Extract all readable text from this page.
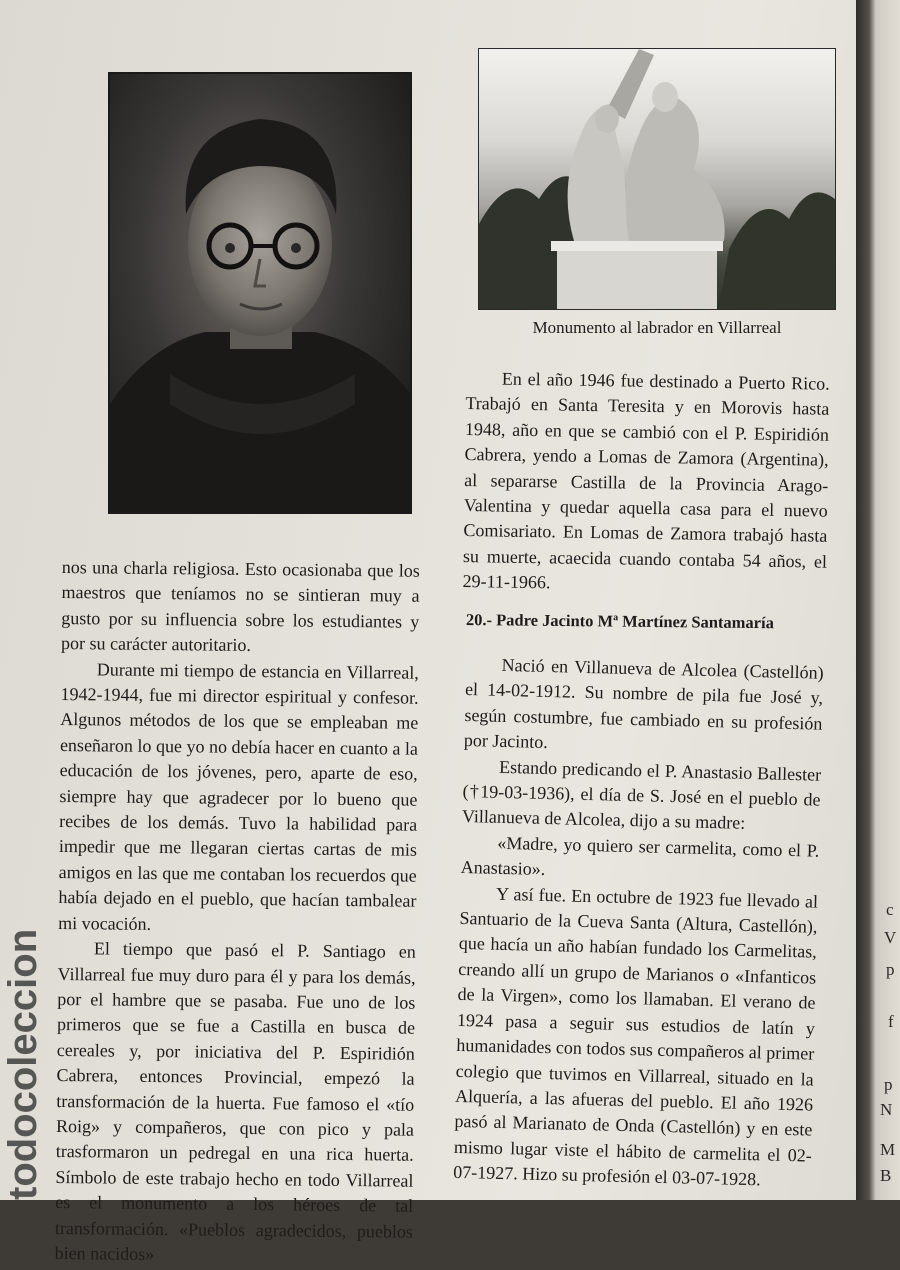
Monumento al labrador en Villarreal

En el año 1946 fue destinado a Puerto Rico. Trabajó en Santa Teresita y en Morovis hasta 1948, año en que se cambió con el P. Espiridión Cabrera, yendo a Lomas de Zamora (Argentina), al separarse Castilla de la Provincia Arago-Valentina y quedar aquella casa para el nuevo Comisariato. En Lomas de Zamora trabajó hasta su muerte, acaecida cuando contaba 54 años, el 29-11-1966.

20.- Padre Jacinto Mª Martínez Santamaría

Nació en Villanueva de Alcolea (Castellón) el 14-02-1912. Su nombre de pila fue José y, según costumbre, fue cambiado en su profesión por Jacinto.

Estando predicando el P. Anastasio Ballester (†19-03-1936), el día de S. José en el pueblo de Villanueva de Alcolea, dijo a su madre:

«Madre, yo quiero ser carmelita, como el P. Anastasio».

Y así fue. En octubre de 1923 fue llevado al Santuario de la Cueva Santa (Altura, Castellón), que hacía un año habían fundado los Carmelitas, creando allí un grupo de Marianos o «Infanticos de la Virgen», como los llamaban. El verano de 1924 pasa a seguir sus estudios de latín y humanidades con todos sus compañeros al primer colegio que tuvimos en Villarreal, situado en la Alquería, a las afueras del pueblo. El año 1926 pasó al Marianato de Onda (Castellón) y en este mismo lugar viste el hábito de carmelita el 02-07-1927. Hizo su profesión el 03-07-1928.

nos una charla religiosa. Esto ocasionaba que los maestros que teníamos no se sintieran muy a gusto por su influencia sobre los estudiantes y por su carácter autoritario.

Durante mi tiempo de estancia en Villarreal, 1942-1944, fue mi director espiritual y confesor. Algunos métodos de los que se empleaban me enseñaron lo que yo no debía hacer en cuanto a la educación de los jóvenes, pero, aparte de eso, siempre hay que agradecer por lo bueno que recibes de los demás. Tuvo la habilidad para impedir que me llegaran ciertas cartas de mis amigos en las que me contaban los recuerdos que había dejado en el pueblo, que hacían tambalear mi vocación.

El tiempo que pasó el P. Santiago en Villarreal fue muy duro para él y para los demás, por el hambre que se pasaba. Fue uno de los primeros que se fue a Castilla en busca de cereales y, por iniciativa del P. Espiridión Cabrera, entonces Provincial, empezó la transformación de la huerta. Fue famoso el «tío Roig» y compañeros, que con pico y pala trasformaron un pedregal en una rica huerta. Símbolo de este trabajo hecho en todo Villarreal es el monumento a los héroes de tal transformación. «Pueblos agradecidos, pueblos bien nacidos»

todocoleccion
c
V
p
f
p
N
M
B
